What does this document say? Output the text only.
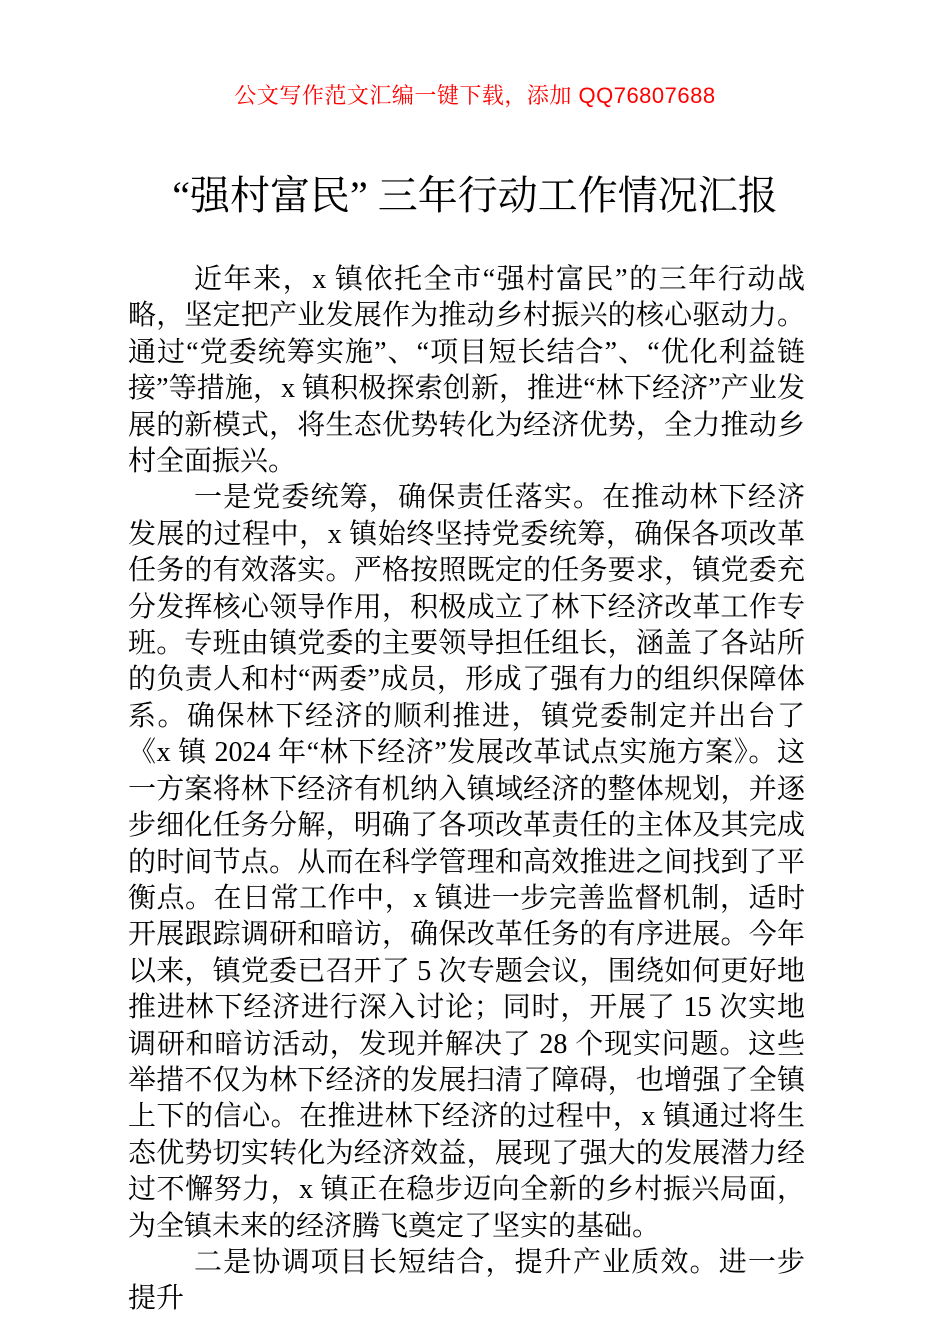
公文写作范文汇编一键下载，添加 QQ76807688
“强村富民” 三年行动工作情况汇报

近年来，x 镇依托全市“强村富民”的三年行动战略，坚定把产业发展作为推动乡村振兴的核心驱动力。通过“党委统筹实施”、“项目短长结合”、“优化利益链接”等措施，x 镇积极探索创新，推进“林下经济”产业发展的新模式，将生态优势转化为经济优势，全力推动乡村全面振兴。

一是党委统筹，确保责任落实。在推动林下经济发展的过程中，x 镇始终坚持党委统筹，确保各项改革任务的有效落实。严格按照既定的任务要求，镇党委充分发挥核心领导作用，积极成立了林下经济改革工作专班。专班由镇党委的主要领导担任组长，涵盖了各站所的负责人和村“两委”成员，形成了强有力的组织保障体系。确保林下经济的顺利推进，镇党委制定并出台了《x 镇 2024 年“林下经济”发展改革试点实施方案》。这一方案将林下经济有机纳入镇域经济的整体规划，并逐步细化任务分解，明确了各项改革责任的主体及其完成的时间节点。从而在科学管理和高效推进之间找到了平衡点。在日常工作中，x 镇进一步完善监督机制，适时开展跟踪调研和暗访，确保改革任务的有序进展。今年以来，镇党委已召开了 5 次专题会议，围绕如何更好地推进林下经济进行深入讨论；同时，开展了 15 次实地调研和暗访活动，发现并解决了 28 个现实问题。这些举措不仅为林下经济的发展扫清了障碍，也增强了全镇上下的信心。在推进林下经济的过程中，x 镇通过将生态优势切实转化为经济效益，展现了强大的发展潜力经过不懈努力，x 镇正在稳步迈向全新的乡村振兴局面，为全镇未来的经济腾飞奠定了坚实的基础。

二是协调项目长短结合，提升产业质效。进一步提升
